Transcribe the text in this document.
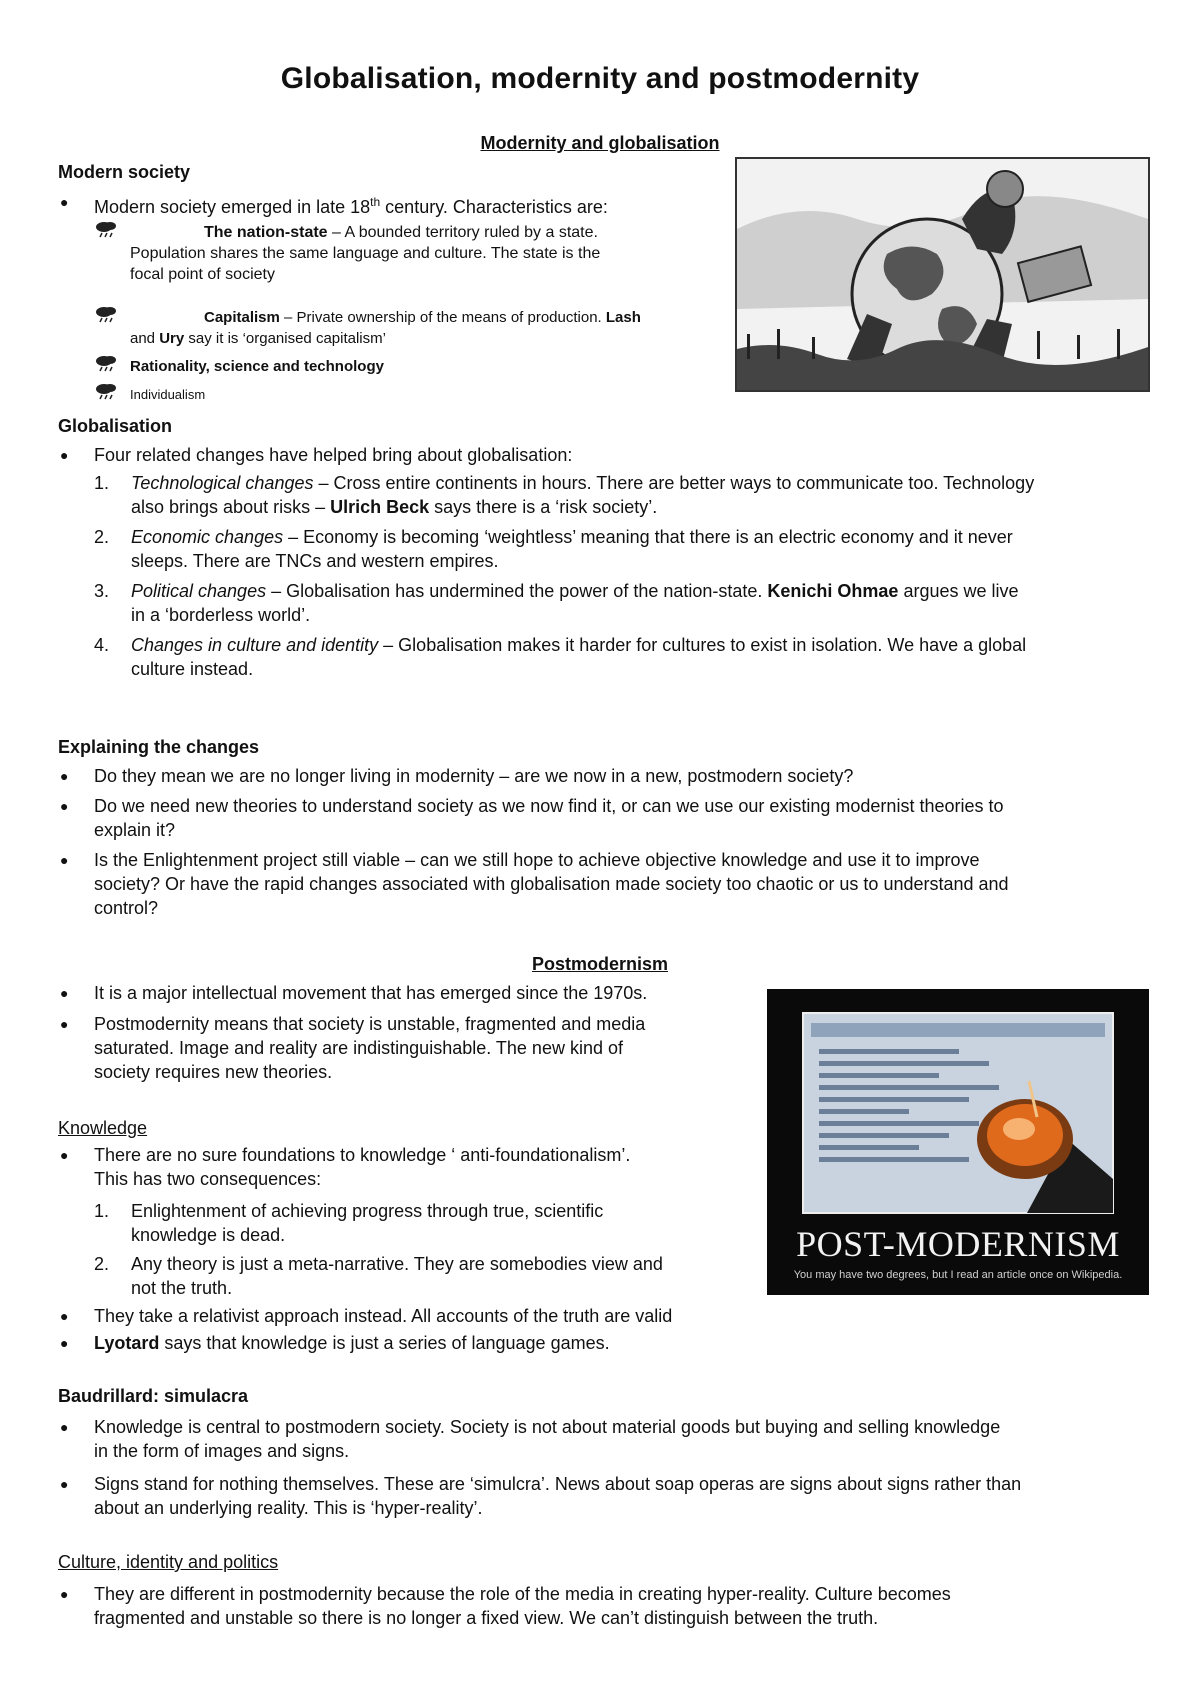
Globalisation, modernity and postmodernity
Modernity and globalisation
Modern society
● Modern society emerged in late 18th century. Characteristics are:
The nation-state – A bounded territory ruled by a state.
Population shares the same language and culture. The state is the
focal point of society
Capitalism – Private ownership of the means of production. Lash
and Ury say it is ‘organised capitalism’
Rationality, science and technology
Individualism
Globalisation
● Four related changes have helped bring about globalisation:
1.	Technological changes – Cross entire continents in hours. There are better ways to communicate too. Technology
also brings about risks – Ulrich Beck says there is a ‘risk society’.
2.	Economic changes – Economy is becoming ‘weightless’ meaning that there is an electric economy and it never
sleeps. There are TNCs and western empires.
3.	Political changes – Globalisation has undermined the power of the nation-state. Kenichi Ohmae argues we live
in a ‘borderless world’.
4.	Changes in culture and identity – Globalisation makes it harder for cultures to exist in isolation. We have a global
culture instead.
Explaining the changes
● Do they mean we are no longer living in modernity – are we now in a new, postmodern society?
● Do we need new theories to understand society as we now find it, or can we use our existing modernist theories to
explain it?
● Is the Enlightenment project still viable – can we still hope to achieve objective knowledge and use it to improve
society? Or have the rapid changes associated with globalisation made society too chaotic or us to understand and
control?
Postmodernism
● It is a major intellectual movement that has emerged since the 1970s.
● Postmodernity means that society is unstable, fragmented and media
saturated. Image and reality are indistinguishable. The new kind of
society requires new theories.
POST-MODERNISM
You may have two degrees, but I read an article once on Wikipedia.
Knowledge
● There are no sure foundations to knowledge ‘ anti-foundationalism’.
This has two consequences:
1.	Enlightenment of achieving progress through true, scientific
knowledge is dead.
2.	Any theory is just a meta-narrative. They are somebodies view and
not the truth.
● They take a relativist approach instead. All accounts of the truth are valid
● Lyotard says that knowledge is just a series of language games.
Baudrillard: simulacra
● Knowledge is central to postmodern society. Society is not about material goods but buying and selling knowledge
in the form of images and signs.
● Signs stand for nothing themselves. These are ‘simulcra’. News about soap operas are signs about signs rather than
about an underlying reality. This is ‘hyper-reality’.
Culture, identity and politics
● They are different in postmodernity because the role of the media in creating hyper-reality. Culture becomes
fragmented and unstable so there is no longer a fixed view. We can’t distinguish between the truth.
